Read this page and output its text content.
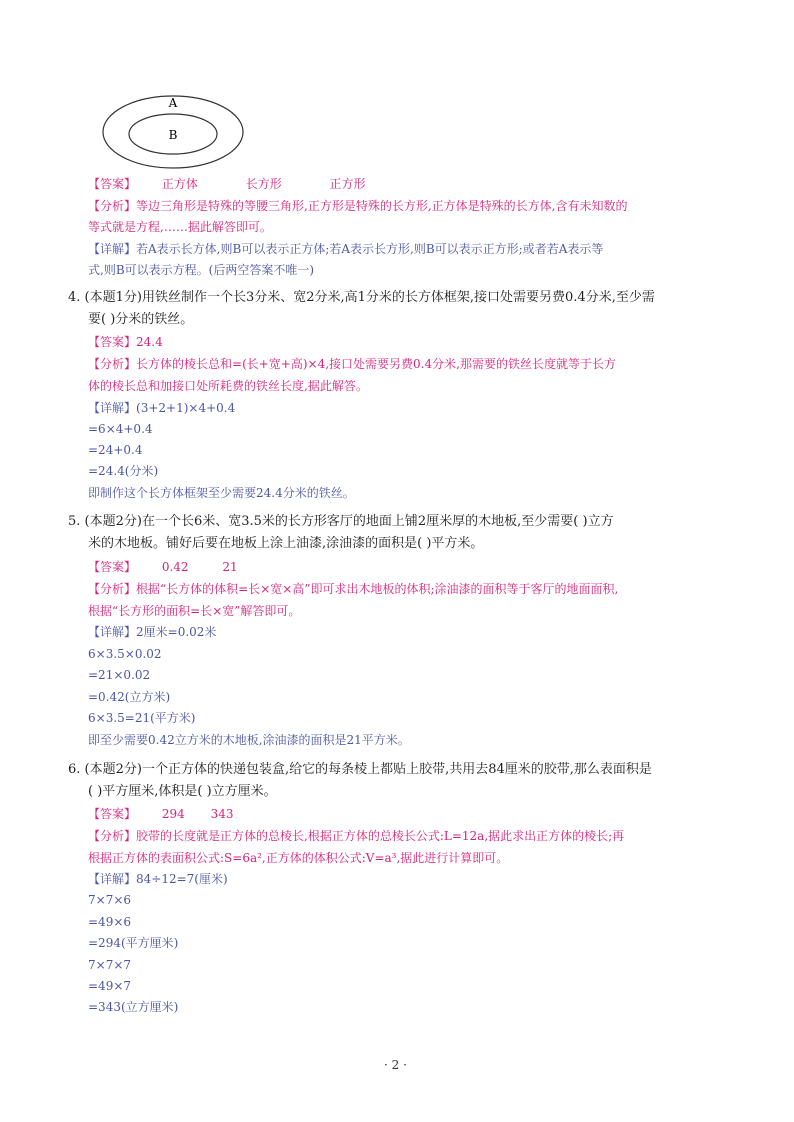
A
B
【答案】 正方体	长方形	正方形
【分析】等边三角形是特殊的等腰三角形,正方形是特殊的长方形,正方体是特殊的长方体,含有未知数的
等式就是方程,……据此解答即可。
【详解】若A表示长方体,则B可以表示正方体;若A表示长方形,则B可以表示正方形;或者若A表示等
式,则B可以表示方程。(后两空答案不唯一)
4. (本题1分)用铁丝制作一个长3分米、宽2分米,高1分米的长方体框架,接口处需要另费0.4分米,至少需
要( )分米的铁丝。
【答案】24.4
【分析】长方体的棱长总和=(长+宽+高)×4,接口处需要另费0.4分米,那需要的铁丝长度就等于长方
体的棱长总和加接口处所耗费的铁丝长度,据此解答。
【详解】(3+2+1)×4+0.4
=6×4+0.4
=24+0.4
=24.4(分米)
即制作这个长方体框架至少需要24.4分米的铁丝。
5. (本题2分)在一个长6米、宽3.5米的长方形客厅的地面上铺2厘米厚的木地板,至少需要( )立方
米的木地板。铺好后要在地板上涂上油漆,涂油漆的面积是( )平方米。
【答案】 0.42	21
【分析】根据“长方体的体积=长×宽×高”即可求出木地板的体积;涂油漆的面积等于客厅的地面面积,
根据“长方形的面积=长×宽”解答即可。
【详解】2厘米=0.02米
6×3.5×0.02
=21×0.02
=0.42(立方米)
6×3.5=21(平方米)
即至少需要0.42立方米的木地板,涂油漆的面积是21平方米。
6. (本题2分)一个正方体的快递包装盒,给它的每条棱上都贴上胶带,共用去84厘米的胶带,那么表面积是
( )平方厘米,体积是( )立方厘米。
【答案】 294 343
【分析】胶带的长度就是正方体的总棱长,根据正方体的总棱长公式:L=12a,据此求出正方体的棱长;再
根据正方体的表面积公式:S=6a²,正方体的体积公式:V=a³,据此进行计算即可。
【详解】84÷12=7(厘米)
7×7×6
=49×6
=294(平方厘米)
7×7×7
=49×7
=343(立方厘米)
· 2 ·
